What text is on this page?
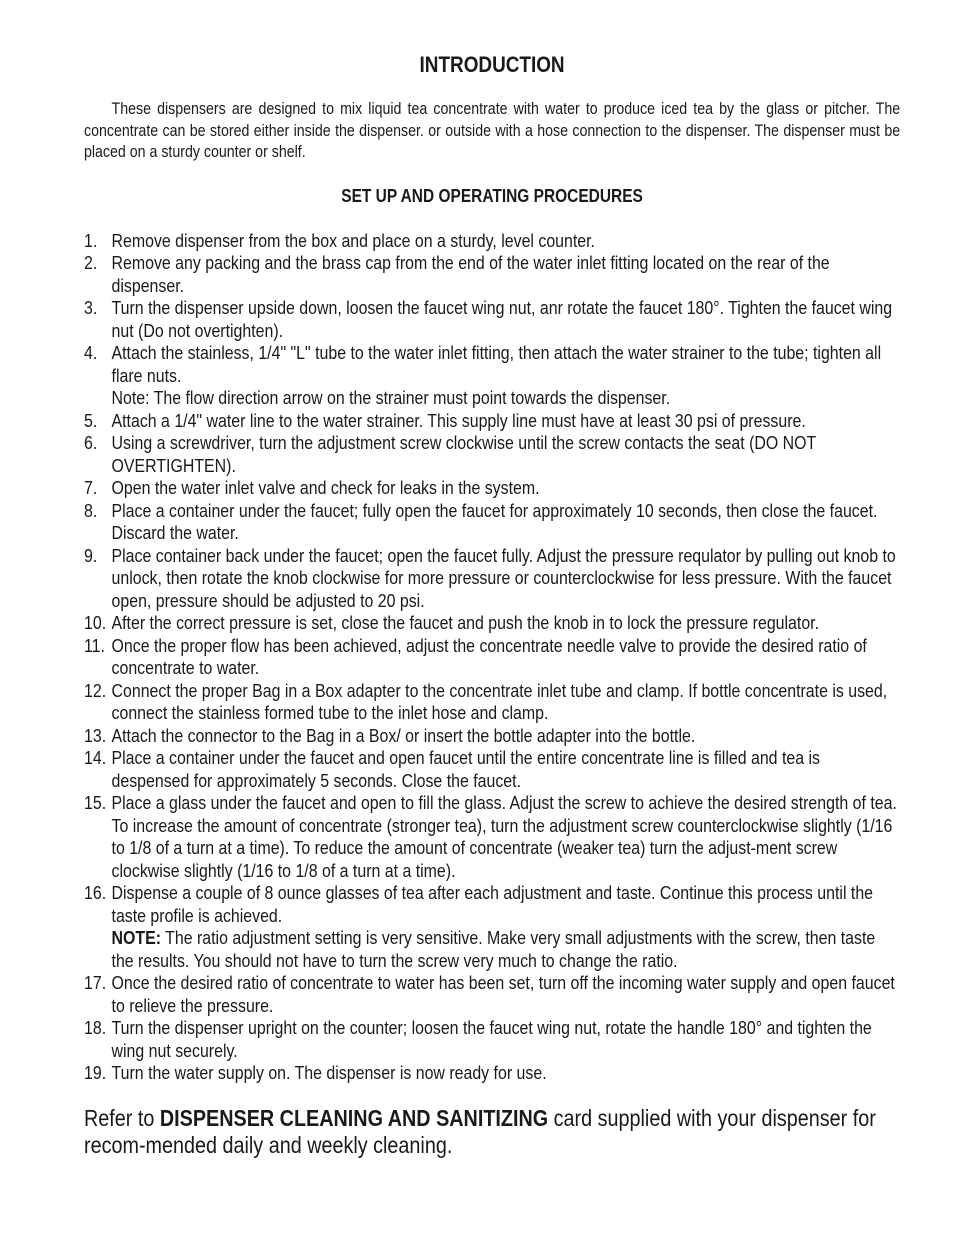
INTRODUCTION

These dispensers are designed to mix liquid tea concentrate with water to produce iced tea by the glass or pitcher. The concentrate can be stored either inside the dispenser. or outside with a hose connection to the dispenser. The dispenser must be placed on a sturdy counter or shelf.

SET UP AND OPERATING PROCEDURES
1. Remove dispenser from the box and place on a sturdy, level counter.
2. Remove any packing and the brass cap from the end of the water inlet fitting located on the rear of the dispenser.
3. Turn the dispenser upside down, loosen the faucet wing nut, anr rotate the faucet 180°. Tighten the faucet wing nut (Do not overtighten).
4. Attach the stainless, 1/4" "L" tube to the water inlet fitting, then attach the water strainer to the tube; tighten all flare nuts.
Note: The flow direction arrow on the strainer must point towards the dispenser.
5. Attach a 1/4" water line to the water strainer. This supply line must have at least 30 psi of pressure.
6. Using a screwdriver, turn the adjustment screw clockwise until the screw contacts the seat (DO NOT OVERTIGHTEN).
7. Open the water inlet valve and check for leaks in the system.
8. Place a container under the faucet; fully open the faucet for approximately 10 seconds, then close the faucet. Discard the water.
9. Place container back under the faucet; open the faucet fully. Adjust the pressure requlator by pulling out knob to unlock, then rotate the knob clockwise for more pressure or counterclockwise for less pressure. With the faucet open, pressure should be adjusted to 20 psi.
10. After the correct pressure is set, close the faucet and push the knob in to lock the pressure regulator.
11. Once the proper flow has been achieved, adjust the concentrate needle valve to provide the desired ratio of concentrate to water.
12. Connect the proper Bag in a Box adapter to the concentrate inlet tube and clamp. If bottle concentrate is used, connect the stainless formed tube to the inlet hose and clamp.
13. Attach the connector to the Bag in a Box/ or insert the bottle adapter into the bottle.
14. Place a container under the faucet and open faucet until the entire concentrate line is filled and tea is despensed for approximately 5 seconds. Close the faucet.
15. Place a glass under the faucet and open to fill the glass. Adjust the screw to achieve the desired strength of tea. To increase the amount of concentrate (stronger tea), turn the adjustment screw counterclockwise slightly (1/16 to 1/8 of a turn at a time). To reduce the amount of concentrate (weaker tea) turn the adjust-ment screw clockwise slightly (1/16 to 1/8 of a turn at a time).
16. Dispense a couple of 8 ounce glasses of tea after each adjustment and taste. Continue this process until the taste profile is achieved.
NOTE: The ratio adjustment setting is very sensitive. Make very small adjustments with the screw, then taste the results. You should not have to turn the screw very much to change the ratio.
17. Once the desired ratio of concentrate to water has been set, turn off the incoming water supply and open faucet to relieve the pressure.
18. Turn the dispenser upright on the counter; loosen the faucet wing nut, rotate the handle 180° and tighten the wing nut securely.
19. Turn the water supply on. The dispenser is now ready for use.

Refer to DISPENSER CLEANING AND SANITIZING card supplied with your dispenser for recom-mended daily and weekly cleaning.
